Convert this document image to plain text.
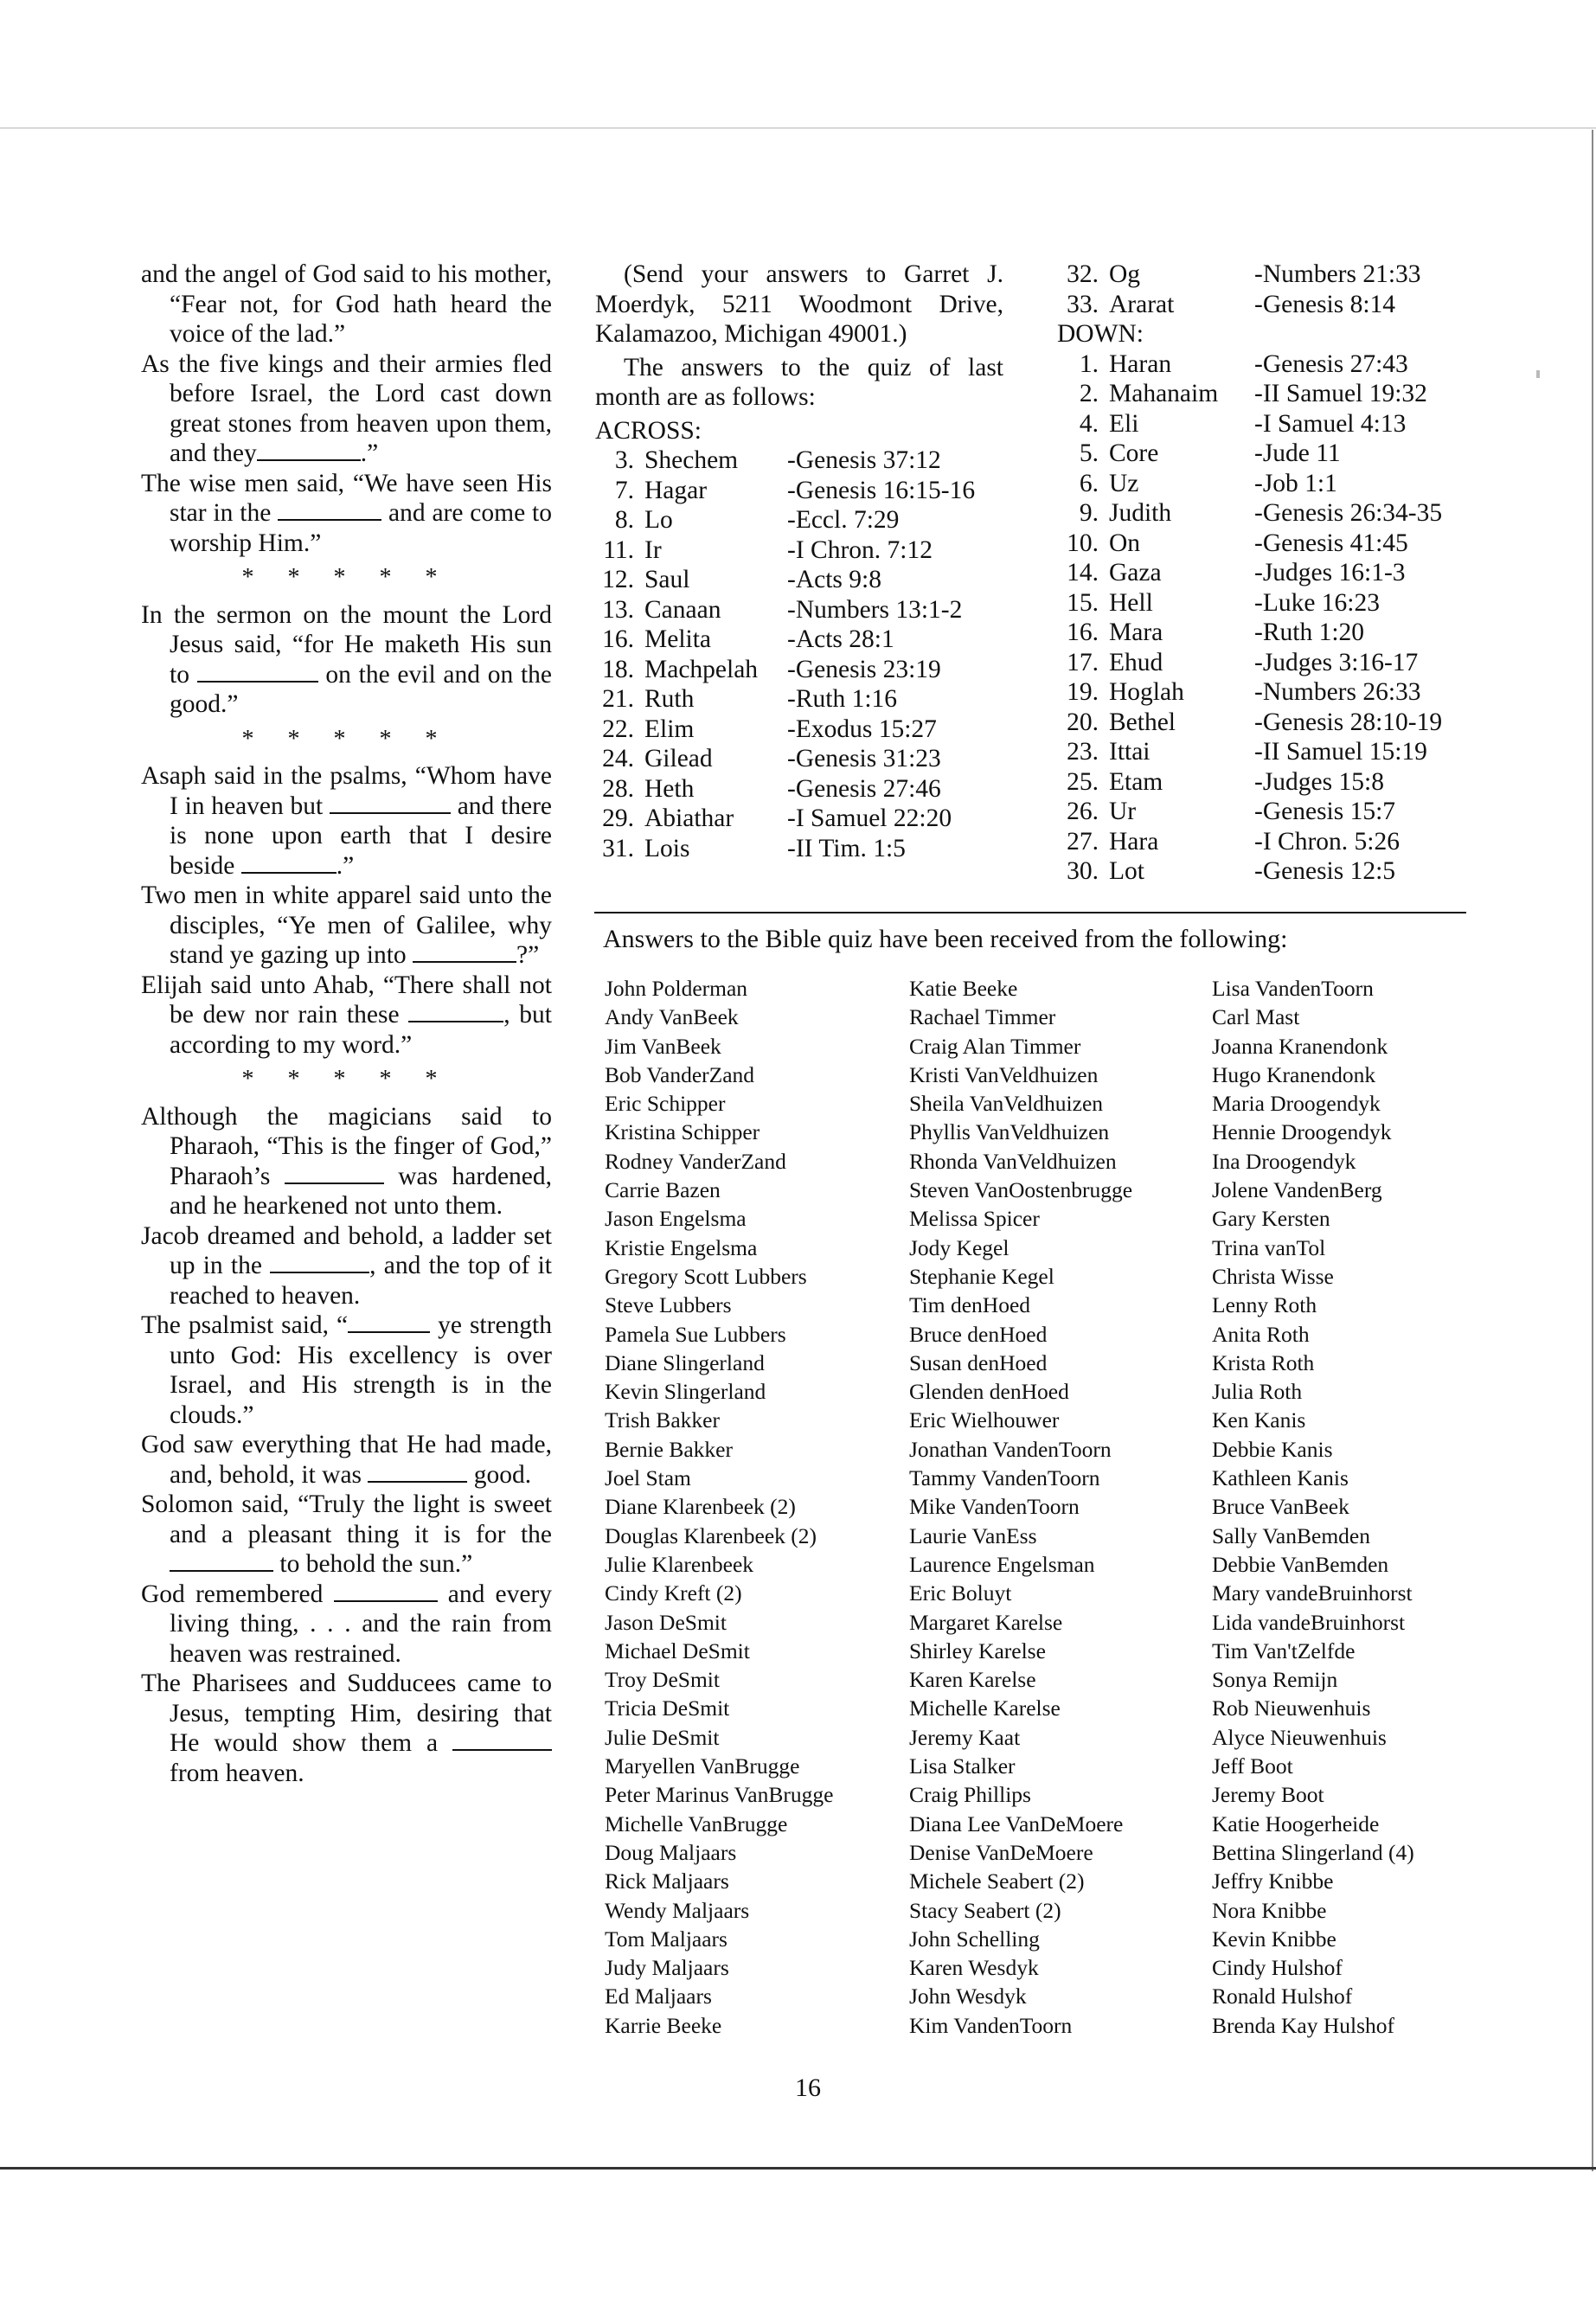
and the angel of God said to his mother, “Fear not, for God hath heard the voice of the lad.”
As the five kings and their armies fled before Israel, the Lord cast down great stones from heaven upon them, and they	.”
The wise men said, “We have seen His star in the	and are come to worship Him.”
* * * * *
In the sermon on the mount the Lord Jesus said, “for He maketh His sun to	on the evil and on the good.”
* * * * *
Asaph said in the psalms, “Whom have I in heaven but	and there is none upon earth that I desire beside	.”
Two men in white apparel said unto the disciples, “Ye men of Galilee, why stand ye gazing up into	?”
Elijah said unto Ahab, “There shall not be dew nor rain these	, but according to my word.”
* * * * *
Although the magicians said to Pharaoh, “This is the finger of God,” Pharaoh’s	was hardened, and he hearkened not unto them.
Jacob dreamed and behold, a ladder set up in the	, and the top of it reached to heaven.
The psalmist said, “	ye strength unto God: His excellency is over Israel, and His strength is in the clouds.”
God saw everything that He had made, and, behold, it was	good.
Solomon said, “Truly the light is sweet and a pleasant thing it is for the  to behold the sun.”
God remembered	and every living thing, . . . and the rain from heaven was restrained.
The Pharisees and Sudducees came to Jesus, tempting Him, desiring that He would show them a  from heaven.
(Send your answers to Garret J. Moerdyk, 5211 Woodmont Drive, Kalamazoo, Michigan 49001.)
The answers to the quiz of last month are as follows:
ACROSS:
3. Shechem	-Genesis 37:12
7. Hagar	-Genesis 16:15-16
8. Lo	-Eccl. 7:29
11. Ir	-I Chron. 7:12
12. Saul	-Acts 9:8
13. Canaan	-Numbers 13:1-2
16. Melita	-Acts 28:1
18. Machpelah	-Genesis 23:19
21. Ruth	-Ruth 1:16
22. Elim	-Exodus 15:27
24. Gilead	-Genesis 31:23
28. Heth	-Genesis 27:46
29. Abiathar	-I Samuel 22:20
31. Lois	-II Tim. 1:5
32. Og	-Numbers 21:33
33. Ararat	-Genesis 8:14
DOWN:
1. Haran	-Genesis 27:43
2. Mahanaim	-II Samuel 19:32
4. Eli	-I Samuel 4:13
5. Core	-Jude 11
6. Uz	-Job 1:1
9. Judith	-Genesis 26:34-35
10. On	-Genesis 41:45
14. Gaza	-Judges 16:1-3
15. Hell	-Luke 16:23
16. Mara	-Ruth 1:20
17. Ehud	-Judges 3:16-17
19. Hoglah	-Numbers 26:33
20. Bethel	-Genesis 28:10-19
23. Ittai	-II Samuel 15:19
25. Etam	-Judges 15:8
26. Ur	-Genesis 15:7
27. Hara	-I Chron. 5:26
30. Lot	-Genesis 12:5
Answers to the Bible quiz have been received from the following:
John Polderman
Andy VanBeek
Jim VanBeek
Bob VanderZand
Eric Schipper
Kristina Schipper
Rodney VanderZand
Carrie Bazen
Jason Engelsma
Kristie Engelsma
Gregory Scott Lubbers
Steve Lubbers
Pamela Sue Lubbers
Diane Slingerland
Kevin Slingerland
Trish Bakker
Bernie Bakker
Joel Stam
Diane Klarenbeek (2)
Douglas Klarenbeek (2)
Julie Klarenbeek
Cindy Kreft (2)
Jason DeSmit
Michael DeSmit
Troy DeSmit
Tricia DeSmit
Julie DeSmit
Maryellen VanBrugge
Peter Marinus VanBrugge
Michelle VanBrugge
Doug Maljaars
Rick Maljaars
Wendy Maljaars
Tom Maljaars
Judy Maljaars
Ed Maljaars
Karrie Beeke
Katie Beeke
Rachael Timmer
Craig Alan Timmer
Kristi VanVeldhuizen
Sheila VanVeldhuizen
Phyllis VanVeldhuizen
Rhonda VanVeldhuizen
Steven VanOostenbrugge
Melissa Spicer
Jody Kegel
Stephanie Kegel
Tim denHoed
Bruce denHoed
Susan denHoed
Glenden denHoed
Eric Wielhouwer
Jonathan VandenToorn
Tammy VandenToorn
Mike VandenToorn
Laurie VanEss
Laurence Engelsman
Eric Boluyt
Margaret Karelse
Shirley Karelse
Karen Karelse
Michelle Karelse
Jeremy Kaat
Lisa Stalker
Craig Phillips
Diana Lee VanDeMoere
Denise VanDeMoere
Michele Seabert (2)
Stacy Seabert (2)
John Schelling
Karen Wesdyk
John Wesdyk
Kim VandenToorn
Lisa VandenToorn
Carl Mast
Joanna Kranendonk
Hugo Kranendonk
Maria Droogendyk
Hennie Droogendyk
Ina Droogendyk
Jolene VandenBerg
Gary Kersten
Trina vanTol
Christa Wisse
Lenny Roth
Anita Roth
Krista Roth
Julia Roth
Ken Kanis
Debbie Kanis
Kathleen Kanis
Bruce VanBeek
Sally VanBemden
Debbie VanBemden
Mary vandeBruinhorst
Lida vandeBruinhorst
Tim Van'tZelfde
Sonya Remijn
Rob Nieuwenhuis
Alyce Nieuwenhuis
Jeff Boot
Jeremy Boot
Katie Hoogerheide
Bettina Slingerland (4)
Jeffry Knibbe
Nora Knibbe
Kevin Knibbe
Cindy Hulshof
Ronald Hulshof
Brenda Kay Hulshof
16
